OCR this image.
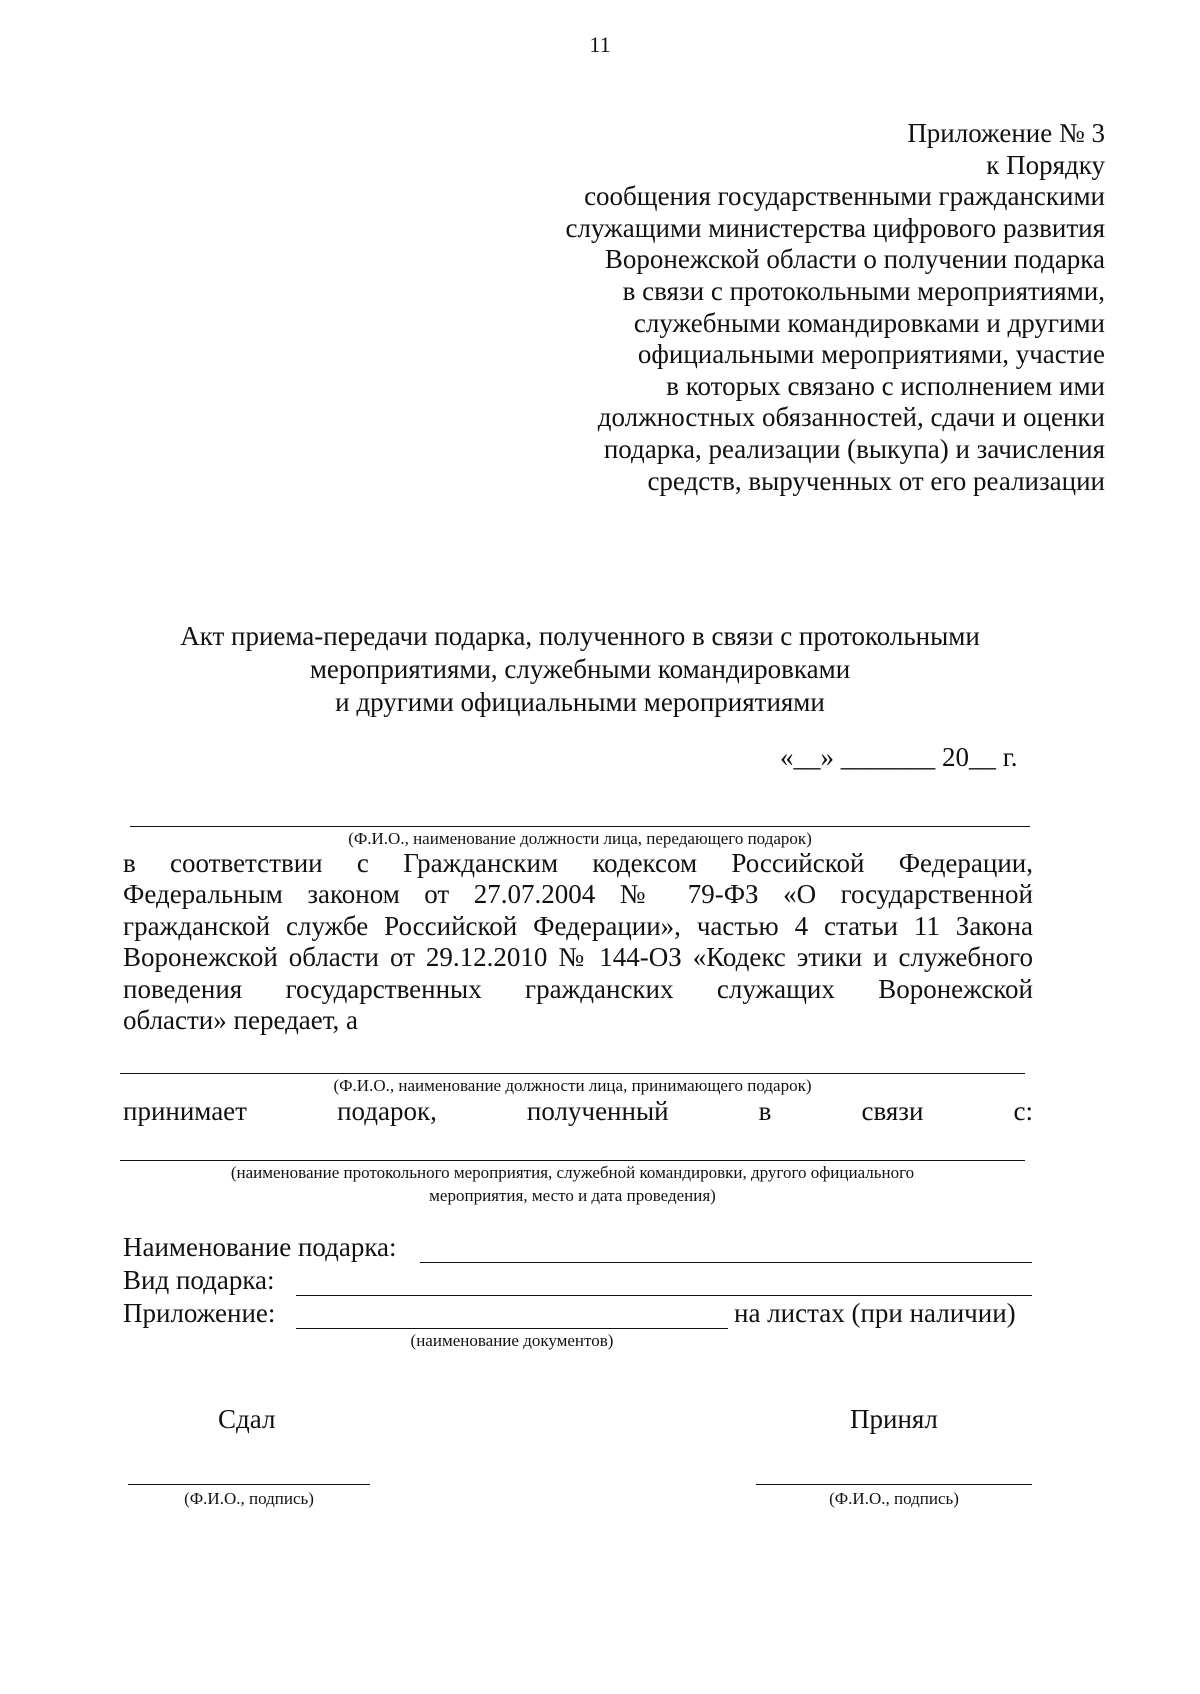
11
Приложение № 3
к Порядку
сообщения государственными гражданскими
служащими министерства цифрового развития
Воронежской области о получении подарка
в связи с протокольными мероприятиями,
служебными командировками и другими
официальными мероприятиями, участие
в которых связано с исполнением ими
должностных обязанностей, сдачи и оценки
подарка, реализации (выкупа) и зачисления
средств, вырученных от его реализации
Акт приема-передачи подарка, полученного в связи с протокольными
мероприятиями, служебными командировками
и другими официальными мероприятиями
«__» _______ 20__ г.
(Ф.И.О., наименование должности лица, передающего подарок)
в соответствии с Гражданским кодексом Российской Федерации,
Федеральным законом от 27.07.2004 № 79-ФЗ «О государственной
гражданской службе Российской Федерации», частью 4 статьи 11 Закона
Воронежской области от 29.12.2010 № 144-ОЗ «Кодекс этики и служебного
поведения государственных гражданских служащих Воронежской
области» передает, а
(Ф.И.О., наименование должности лица, принимающего подарок)
принимает	подарок,	полученный	в	связи	с:
(наименование протокольного мероприятия, служебной командировки, другого официального
мероприятия, место и дата проведения)
Наименование подарка:
Вид подарка:
Приложение:	на листах (при наличии)
(наименование документов)
Сдал	Принял
(Ф.И.О., подпись)	(Ф.И.О., подпись)
